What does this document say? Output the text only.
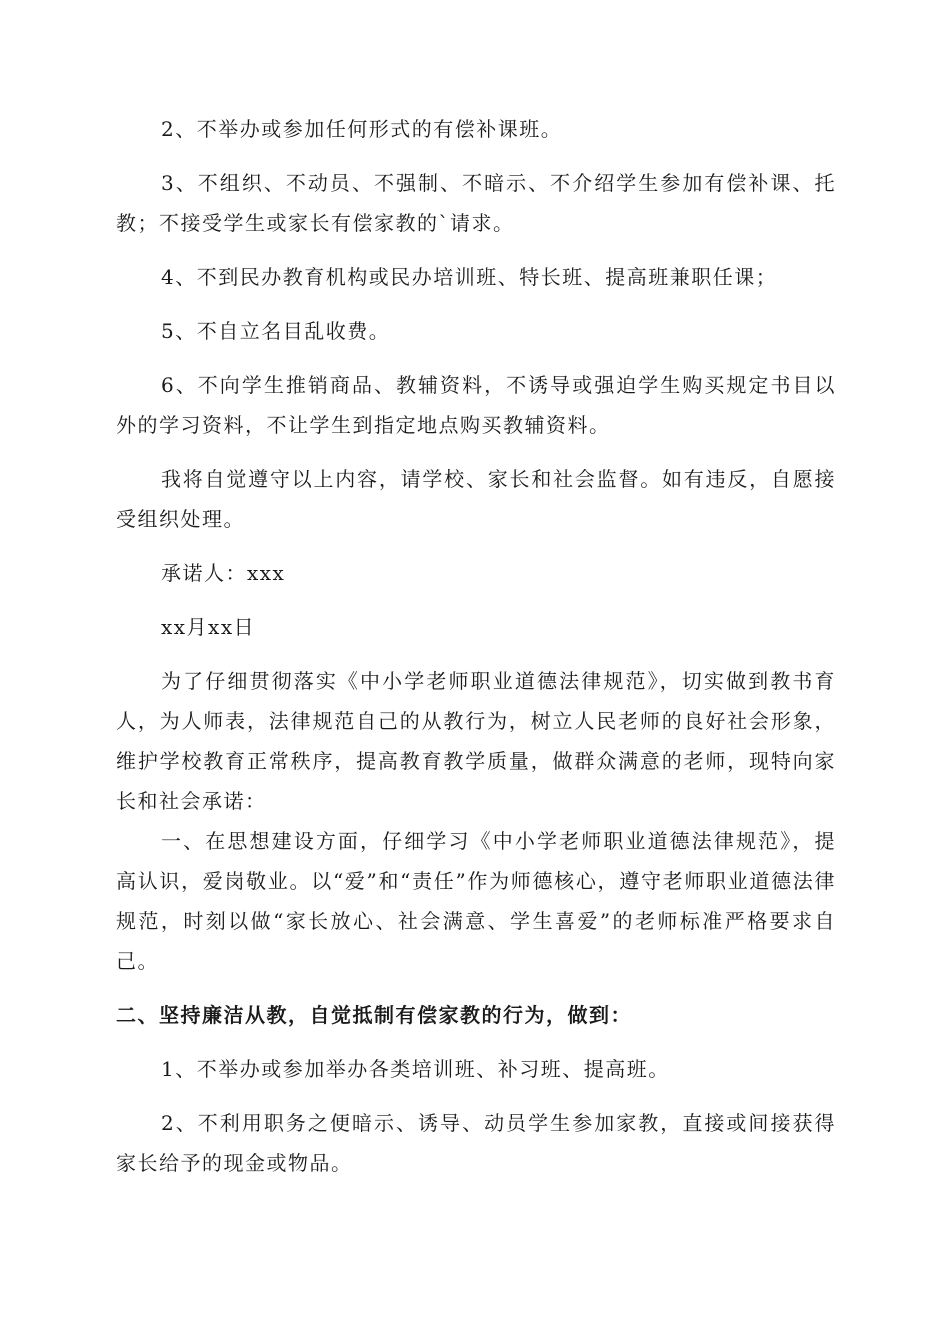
2、不举办或参加任何形式的有偿补课班。

3、不组织、不动员、不强制、不暗示、不介绍学生参加有偿补课、托教；不接受学生或家长有偿家教的`请求。

4、不到民办教育机构或民办培训班、特长班、提高班兼职任课；

5、不自立名目乱收费。

6、不向学生推销商品、教辅资料，不诱导或强迫学生购买规定书目以外的学习资料，不让学生到指定地点购买教辅资料。

我将自觉遵守以上内容，请学校、家长和社会监督。如有违反，自愿接受组织处理。

承诺人：xxx

xx月xx日

为了仔细贯彻落实《中小学老师职业道德法律规范》，切实做到教书育人，为人师表，法律规范自己的从教行为，树立人民老师的良好社会形象，维护学校教育正常秩序，提高教育教学质量，做群众满意的老师，现特向家长和社会承诺：

一、在思想建设方面，仔细学习《中小学老师职业道德法律规范》，提高认识，爱岗敬业。以“爱”和“责任”作为师德核心，遵守老师职业道德法律规范，时刻以做“家长放心、社会满意、学生喜爱”的老师标准严格要求自己。

二、坚持廉洁从教，自觉抵制有偿家教的行为，做到：

1、不举办或参加举办各类培训班、补习班、提高班。

2、不利用职务之便暗示、诱导、动员学生参加家教，直接或间接获得家长给予的现金或物品。
